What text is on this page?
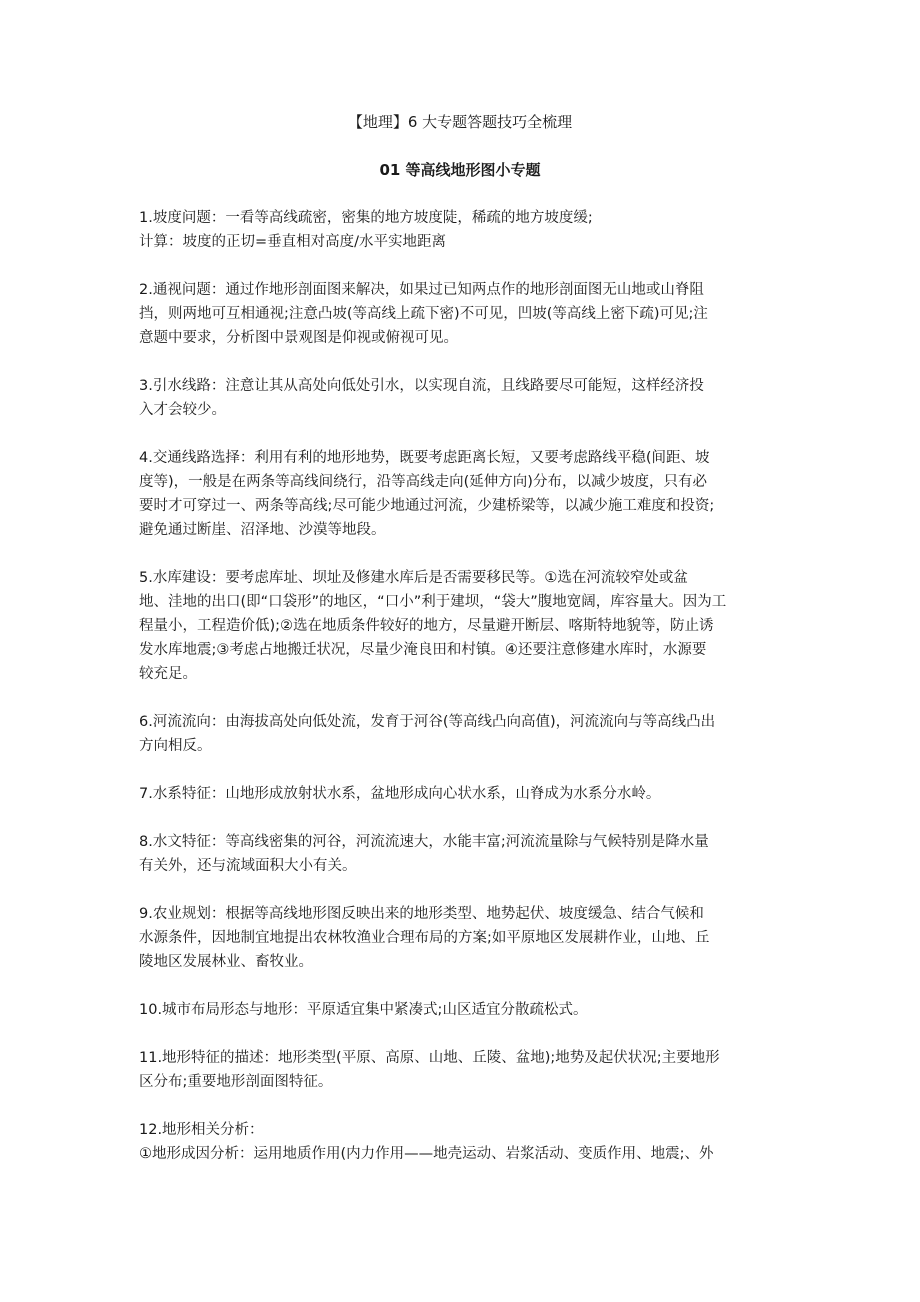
【地理】6 大专题答题技巧全梳理
01 等高线地形图小专题

1.坡度问题：一看等高线疏密，密集的地方坡度陡，稀疏的地方坡度缓;
计算：坡度的正切=垂直相对高度/水平实地距离

2.通视问题：通过作地形剖面图来解决，如果过已知两点作的地形剖面图无山地或山脊阻
挡，则两地可互相通视;注意凸坡(等高线上疏下密)不可见，凹坡(等高线上密下疏)可见;注
意题中要求，分析图中景观图是仰视或俯视可见。

3.引水线路：注意让其从高处向低处引水，以实现自流，且线路要尽可能短，这样经济投
入才会较少。

4.交通线路选择：利用有利的地形地势，既要考虑距离长短，又要考虑路线平稳(间距、坡
度等)，一般是在两条等高线间绕行，沿等高线走向(延伸方向)分布，以减少坡度，只有必
要时才可穿过一、两条等高线;尽可能少地通过河流，少建桥梁等，以减少施工难度和投资;
避免通过断崖、沼泽地、沙漠等地段。

5.水库建设：要考虑库址、坝址及修建水库后是否需要移民等。①选在河流较窄处或盆
地、洼地的出口(即“口袋形”的地区，“口小”利于建坝，“袋大”腹地宽阔，库容量大。因为工
程量小，工程造价低);②选在地质条件较好的地方，尽量避开断层、喀斯特地貌等，防止诱
发水库地震;③考虑占地搬迁状况，尽量少淹良田和村镇。④还要注意修建水库时，水源要
较充足。

6.河流流向：由海拔高处向低处流，发育于河谷(等高线凸向高值)，河流流向与等高线凸出
方向相反。

7.水系特征：山地形成放射状水系，盆地形成向心状水系，山脊成为水系分水岭。

8.水文特征：等高线密集的河谷，河流流速大，水能丰富;河流流量除与气候特别是降水量
有关外，还与流域面积大小有关。

9.农业规划：根据等高线地形图反映出来的地形类型、地势起伏、坡度缓急、结合气候和
水源条件，因地制宜地提出农林牧渔业合理布局的方案;如平原地区发展耕作业，山地、丘
陵地区发展林业、畜牧业。

10.城市布局形态与地形：平原适宜集中紧凑式;山区适宜分散疏松式。

11.地形特征的描述：地形类型(平原、高原、山地、丘陵、盆地);地势及起伏状况;主要地形
区分布;重要地形剖面图特征。

12.地形相关分析：
①地形成因分析：运用地质作用(内力作用——地壳运动、岩浆活动、变质作用、地震;、外
